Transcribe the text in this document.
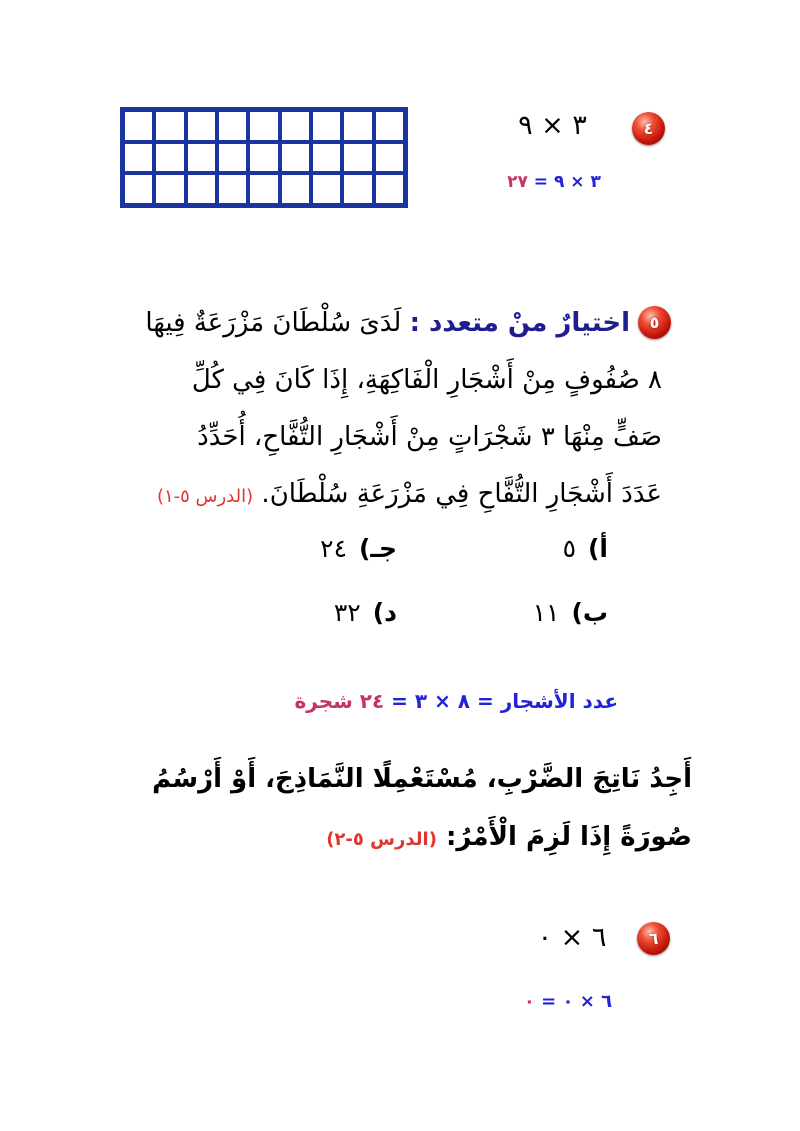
٣ × ٩	٤
٣ × ٩ = ٢٧
٥
اختيارٌ منْ متعدد : لَدَىَ سُلْطَانَ مَزْرَعَةٌ فِيهَا
٨ صُفُوفٍ مِنْ أَشْجَارِ الْفَاكِهَةِ، إِذَا كَانَ فِي كُلِّ
صَفٍّ مِنْهَا ٣ شَجْرَاتٍ مِنْ أَشْجَارِ التُّفَّاحِ، أُحَدِّدُ
عَدَدَ أَشْجَارِ التُّفَّاحِ فِي مَزْرَعَةِ سُلْطَانَ. (الدرس ٥-١)
أ)
٥
جـ)
٢٤
ب)
١١
د)
٣٢
عدد الأشجار = ٨ × ٣ = ٢٤ شجرة
أَجِدُ نَاتِجَ الضَّرْبِ، مُسْتَعْمِلًا النَّمَاذِجَ، أَوْ أَرْسُمُ
صُورَةً إِذَا لَزِمَ الْأَمْرُ: (الدرس ٥-٢)
٦
٦ × ٠
٦ × ٠ = ٠
